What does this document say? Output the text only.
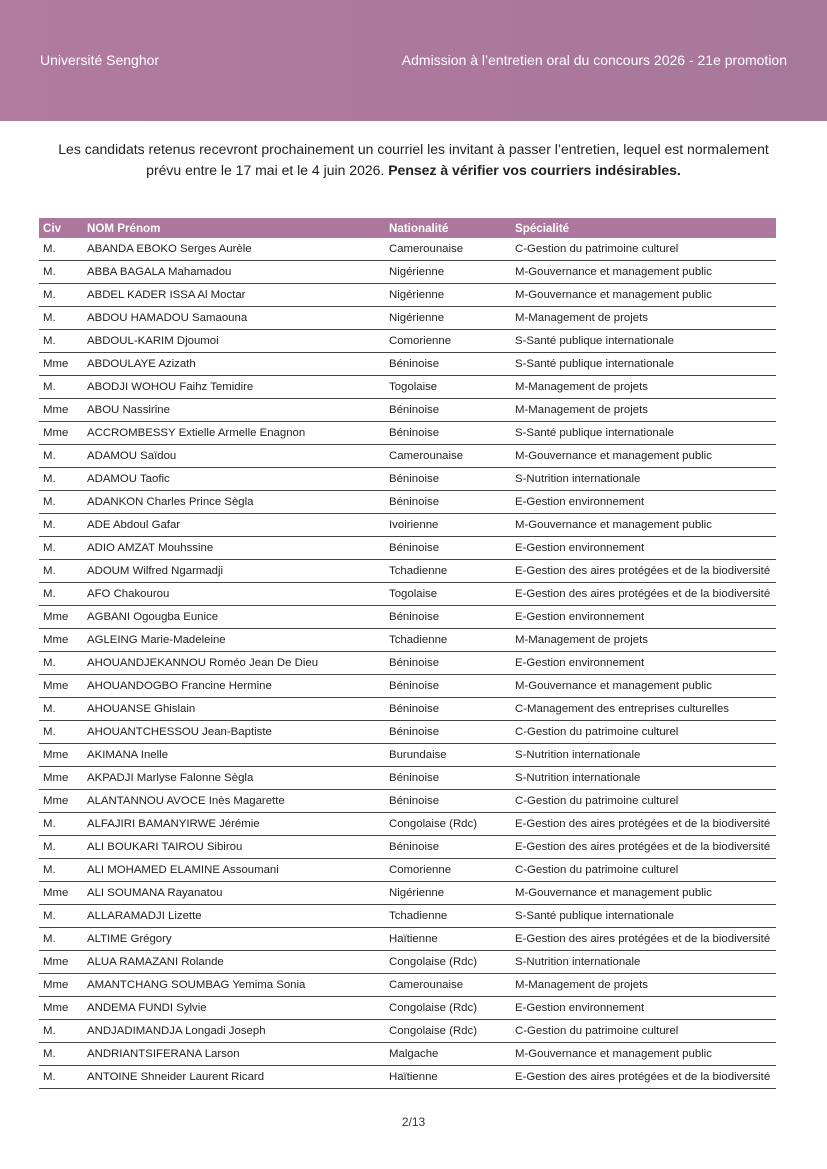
Université Senghor	Admission à l’entretien oral du concours 2026 - 21e promotion
Les candidats retenus recevront prochainement un courriel les invitant à passer l’entretien, lequel est normalement prévu entre le 17 mai et le 4 juin 2026. Pensez à vérifier vos courriers indésirables.
Civ	NOM Prénom	Nationalité	Spécialité
M.	ABANDA EBOKO Serges Aurèle	Camerounaise	C-Gestion du patrimoine culturel
M.	ABBA BAGALA Mahamadou	Nigérienne	M-Gouvernance et management public
M.	ABDEL KADER ISSA Al Moctar	Nigérienne	M-Gouvernance et management public
M.	ABDOU HAMADOU Samaouna	Nigérienne	M-Management de projets
M.	ABDOUL-KARIM Djoumoi	Comorienne	S-Santé publique internationale
Mme	ABDOULAYE Azizath	Béninoise	S-Santé publique internationale
M.	ABODJI WOHOU Faihz Temidire	Togolaise	M-Management de projets
Mme	ABOU Nassirine	Béninoise	M-Management de projets
Mme	ACCROMBESSY Extielle Armelle Enagnon	Béninoise	S-Santé publique internationale
M.	ADAMOU Saïdou	Camerounaise	M-Gouvernance et management public
M.	ADAMOU Taofic	Béninoise	S-Nutrition internationale
M.	ADANKON Charles Prince Sègla	Béninoise	E-Gestion environnement
M.	ADE Abdoul Gafar	Ivoirienne	M-Gouvernance et management public
M.	ADIO AMZAT Mouhssine	Béninoise	E-Gestion environnement
M.	ADOUM Wilfred Ngarmadji	Tchadienne	E-Gestion des aires protégées et de la biodiversité
M.	AFO Chakourou	Togolaise	E-Gestion des aires protégées et de la biodiversité
Mme	AGBANI Ogougba Eunice	Béninoise	E-Gestion environnement
Mme	AGLEING Marie-Madeleine	Tchadienne	M-Management de projets
M.	AHOUANDJEKANNOU Roméo Jean De Dieu	Béninoise	E-Gestion environnement
Mme	AHOUANDOGBO Francine Hermine	Béninoise	M-Gouvernance et management public
M.	AHOUANSE Ghislain	Béninoise	C-Management des entreprises culturelles
M.	AHOUANTCHESSOU Jean-Baptiste	Béninoise	C-Gestion du patrimoine culturel
Mme	AKIMANA Inelle	Burundaise	S-Nutrition internationale
Mme	AKPADJI Marlyse Falonne Sègla	Béninoise	S-Nutrition internationale
Mme	ALANTANNOU AVOCE Inès Magarette	Béninoise	C-Gestion du patrimoine culturel
M.	ALFAJIRI BAMANYIRWE Jérémie	Congolaise (Rdc)	E-Gestion des aires protégées et de la biodiversité
M.	ALI BOUKARI TAIROU Sibirou	Béninoise	E-Gestion des aires protégées et de la biodiversité
M.	ALI MOHAMED ELAMINE Assoumani	Comorienne	C-Gestion du patrimoine culturel
Mme	ALI SOUMANA Rayanatou	Nigérienne	M-Gouvernance et management public
M.	ALLARAMADJI Lizette	Tchadienne	S-Santé publique internationale
M.	ALTIME Grégory	Haïtienne	E-Gestion des aires protégées et de la biodiversité
Mme	ALUA RAMAZANI Rolande	Congolaise (Rdc)	S-Nutrition internationale
Mme	AMANTCHANG SOUMBAG Yemima Sonia	Camerounaise	M-Management de projets
Mme	ANDEMA FUNDI Sylvie	Congolaise (Rdc)	E-Gestion environnement
M.	ANDJADIMANDJA Longadi Joseph	Congolaise (Rdc)	C-Gestion du patrimoine culturel
M.	ANDRIANTSIFERANA Larson	Malgache	M-Gouvernance et management public
M.	ANTOINE Shneider Laurent Ricard	Haïtienne	E-Gestion des aires protégées et de la biodiversité
2/13
